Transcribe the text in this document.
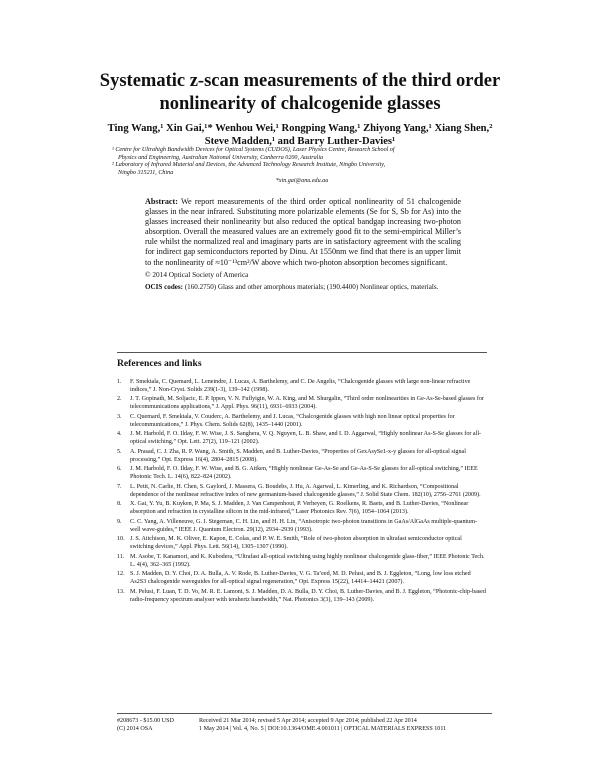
Systematic z-scan measurements of the third order nonlinearity of chalcogenide glasses
Ting Wang,¹ Xin Gai,¹* Wenhou Wei,¹ Rongping Wang,¹ Zhiyong Yang,¹ Xiang Shen,² Steve Madden,¹ and Barry Luther-Davies¹

¹ Centre for Ultrahigh Bandwidth Devices for Optical Systems (CUDOS), Laser Physics Centre, Research School of

Physics and Engineering, Australian National University, Canberra 0200, Australia

² Laboratory of Infrared Material and Devices, the Advanced Technology Research Institute, Ningbo University,

Ningbo 315211, China

*xin.gai@anu.edu.au

Abstract: We report measurements of the third order optical nonlinearity of 51 chalcogenide glasses in the near infrared. Substituting more polarizable elements (Se for S, Sb for As) into the glasses increased their nonlinearity but also reduced the optical bandgap increasing two-photon absorption. Overall the measured values are an extremely good fit to the semi-empirical Miller’s rule whilst the normalized real and imaginary parts are in satisfactory agreement with the scaling for indirect gap semiconductors reported by Dinu. At 1550nm we find that there is an upper limit to the nonlinearity of ≈10⁻¹³cm²/W above which two-photon absorption becomes significant.

© 2014 Optical Society of America

OCIS codes: (160.2750) Glass and other amorphous materials; (190.4400) Nonlinear optics, materials.

References and links
1.	F. Smektala, C. Quemard, L. Leneindre, J. Lucas, A. Barthelemy, and C. De Angelis, “Chalcogenide glasses with large non-linear refractive indices,” J. Non-Cryst. Solids 239(1-3), 139–142 (1998).
2.	J. T. Gopinath, M. Soljacic, E. P. Ippen, V. N. Fuflyigin, W. A. King, and M. Shurgalin, “Third order nonlinearities in Ge-As-Se-based glasses for telecommunications applications,” J. Appl. Phys. 96(11), 6931–6933 (2004).
3.	C. Quemard, F. Smektala, V. Couderc, A. Barthelemy, and J. Lucas, “Chalcogenide glasses with high non linear optical properties for telecommunications,” J. Phys. Chem. Solids 62(8), 1435–1440 (2001).
4.	J. M. Harbold, F. O. Ilday, F. W. Wise, J. S. Sanghera, V. Q. Nguyen, L. B. Shaw, and I. D. Aggarwal, “Highly nonlinear As-S-Se glasses for all-optical switching,” Opt. Lett. 27(2), 119–121 (2002).
5.	A. Prasad, C. J. Zha, R. P. Wang, A. Smith, S. Madden, and B. Luther-Davies, “Properties of GexAsySe1-x-y glasses for all-optical signal processing,” Opt. Express 16(4), 2804–2815 (2008).
6.	J. M. Harbold, F. O. Ilday, F. W. Wise, and B. G. Aitken, “Highly nonlinear Ge-As-Se and Ge-As-S-Se glasses for all-optical switching,” IEEE Photonic Tech. L. 14(6), 822–824 (2002).
7.	L. Petit, N. Carlie, H. Chen, S. Gaylord, J. Massera, G. Boudebs, J. Hu, A. Agarwal, L. Kimerling, and K. Richardson, “Compositional dependence of the nonlinear refractive index of new germanium-based chalcogenide glasses,” J. Solid State Chem. 182(10), 2756–2761 (2009).
8.	X. Gai, Y. Yu, B. Kuyken, P. Ma, S. J. Madden, J. Van Campenhout, P. Verheyen, G. Roelkens, R. Baets, and B. Luther-Davies, “Nonlinear absorption and refraction in crystalline silicon in the mid-infrared,” Laser Photonics Rev. 7(6), 1054–1064 (2013).
9.	C. C. Yang, A. Villeneuve, G. I. Stegeman, C. H. Lin, and H. H. Lin, “Anisotropic two-photon transitions in GaAs/AlGaAs multiple-quantum-well wave-guides,” IEEE J. Quantum Electron. 29(12), 2934–2939 (1993).
10. J. S. Aitchison, M. K. Oliver, E. Kapon, E. Colas, and P. W. E. Smith, “Role of two-photon absorption in ultrafast semiconductor optical switching devices,” Appl. Phys. Lett. 56(14), 1305–1307 (1990).
11. M. Asobe, T. Kanamori, and K. Kubodera, “Ultrafast all-optical switching using highly nonlinear chalcogenide glass-fiber,” IEEE Photonic Tech. L. 4(4), 362–365 (1992).
12. S. J. Madden, D. Y. Choi, D. A. Bulla, A. V. Rode, B. Luther-Davies, V. G. Ta’eed, M. D. Pelusi, and B. J. Eggleton, “Long, low loss etched As2S3 chalcogenide waveguides for all-optical signal regeneration,” Opt. Express 15(22), 14414–14421 (2007).
13. M. Pelusi, F. Luan, T. D. Vo, M. R. E. Lamont, S. J. Madden, D. A. Bulla, D. Y. Choi, B. Luther-Davies, and B. J. Eggleton, “Photonic-chip-based radio-frequency spectrum analyser with terahertz bandwidth,” Nat. Photonics 3(3), 139–143 (2009).
#208673 - $15.00 USD	Received 21 Mar 2014; revised 5 Apr 2014; accepted 9 Apr 2014; published 22 Apr 2014
(C) 2014 OSA	1 May 2014 | Vol. 4, No. 5 | DOI:10.1364/OME.4.001011 | OPTICAL MATERIALS EXPRESS 1011
